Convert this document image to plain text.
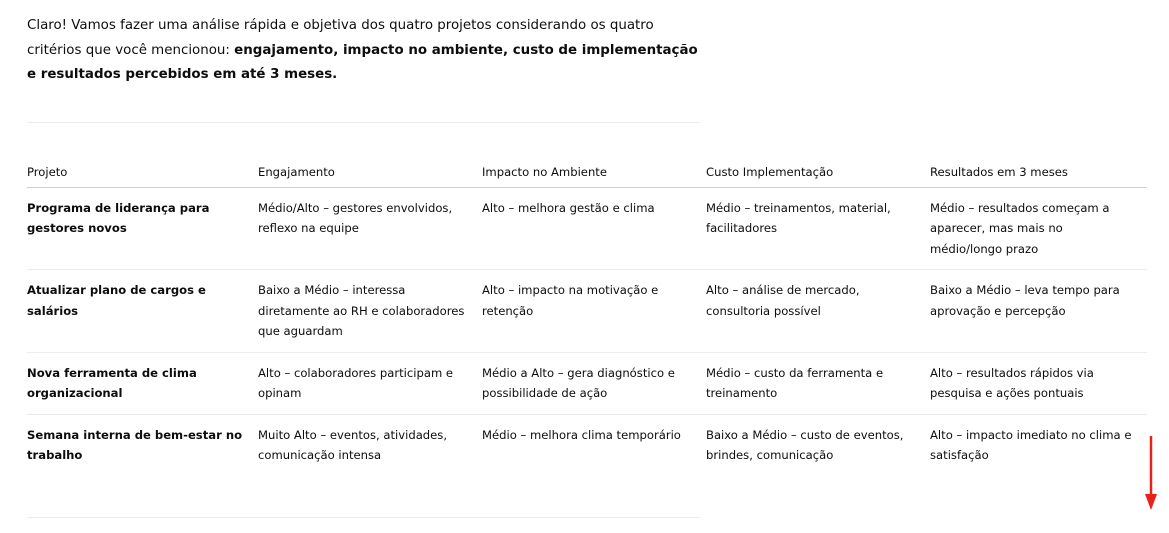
Claro! Vamos fazer uma análise rápida e objetiva dos quatro projetos considerando os quatro critérios que você mencionou: engajamento, impacto no ambiente, custo de implementação e resultados percebidos em até 3 meses.

Projeto	Engajamento	Impacto no Ambiente	Custo Implementação	Resultados em 3 meses
Programa de liderança para gestores novos	Médio/Alto – gestores envolvidos, reflexo na equipe	Alto – melhora gestão e clima	Médio – treinamentos, material, facilitadores	Médio – resultados começam a aparecer, mas mais no médio/longo prazo
Atualizar plano de cargos e salários	Baixo a Médio – interessa diretamente ao RH e colaboradores que aguardam	Alto – impacto na motivação e retenção	Alto – análise de mercado, consultoria possível	Baixo a Médio – leva tempo para aprovação e percepção
Nova ferramenta de clima organizacional	Alto – colaboradores participam e opinam	Médio a Alto – gera diagnóstico e possibilidade de ação	Médio – custo da ferramenta e treinamento	Alto – resultados rápidos via pesquisa e ações pontuais
Semana interna de bem-estar no trabalho	Muito Alto – eventos, atividades, comunicação intensa	Médio – melhora clima temporário	Baixo a Médio – custo de eventos, brindes, comunicação	Alto – impacto imediato no clima e satisfação
